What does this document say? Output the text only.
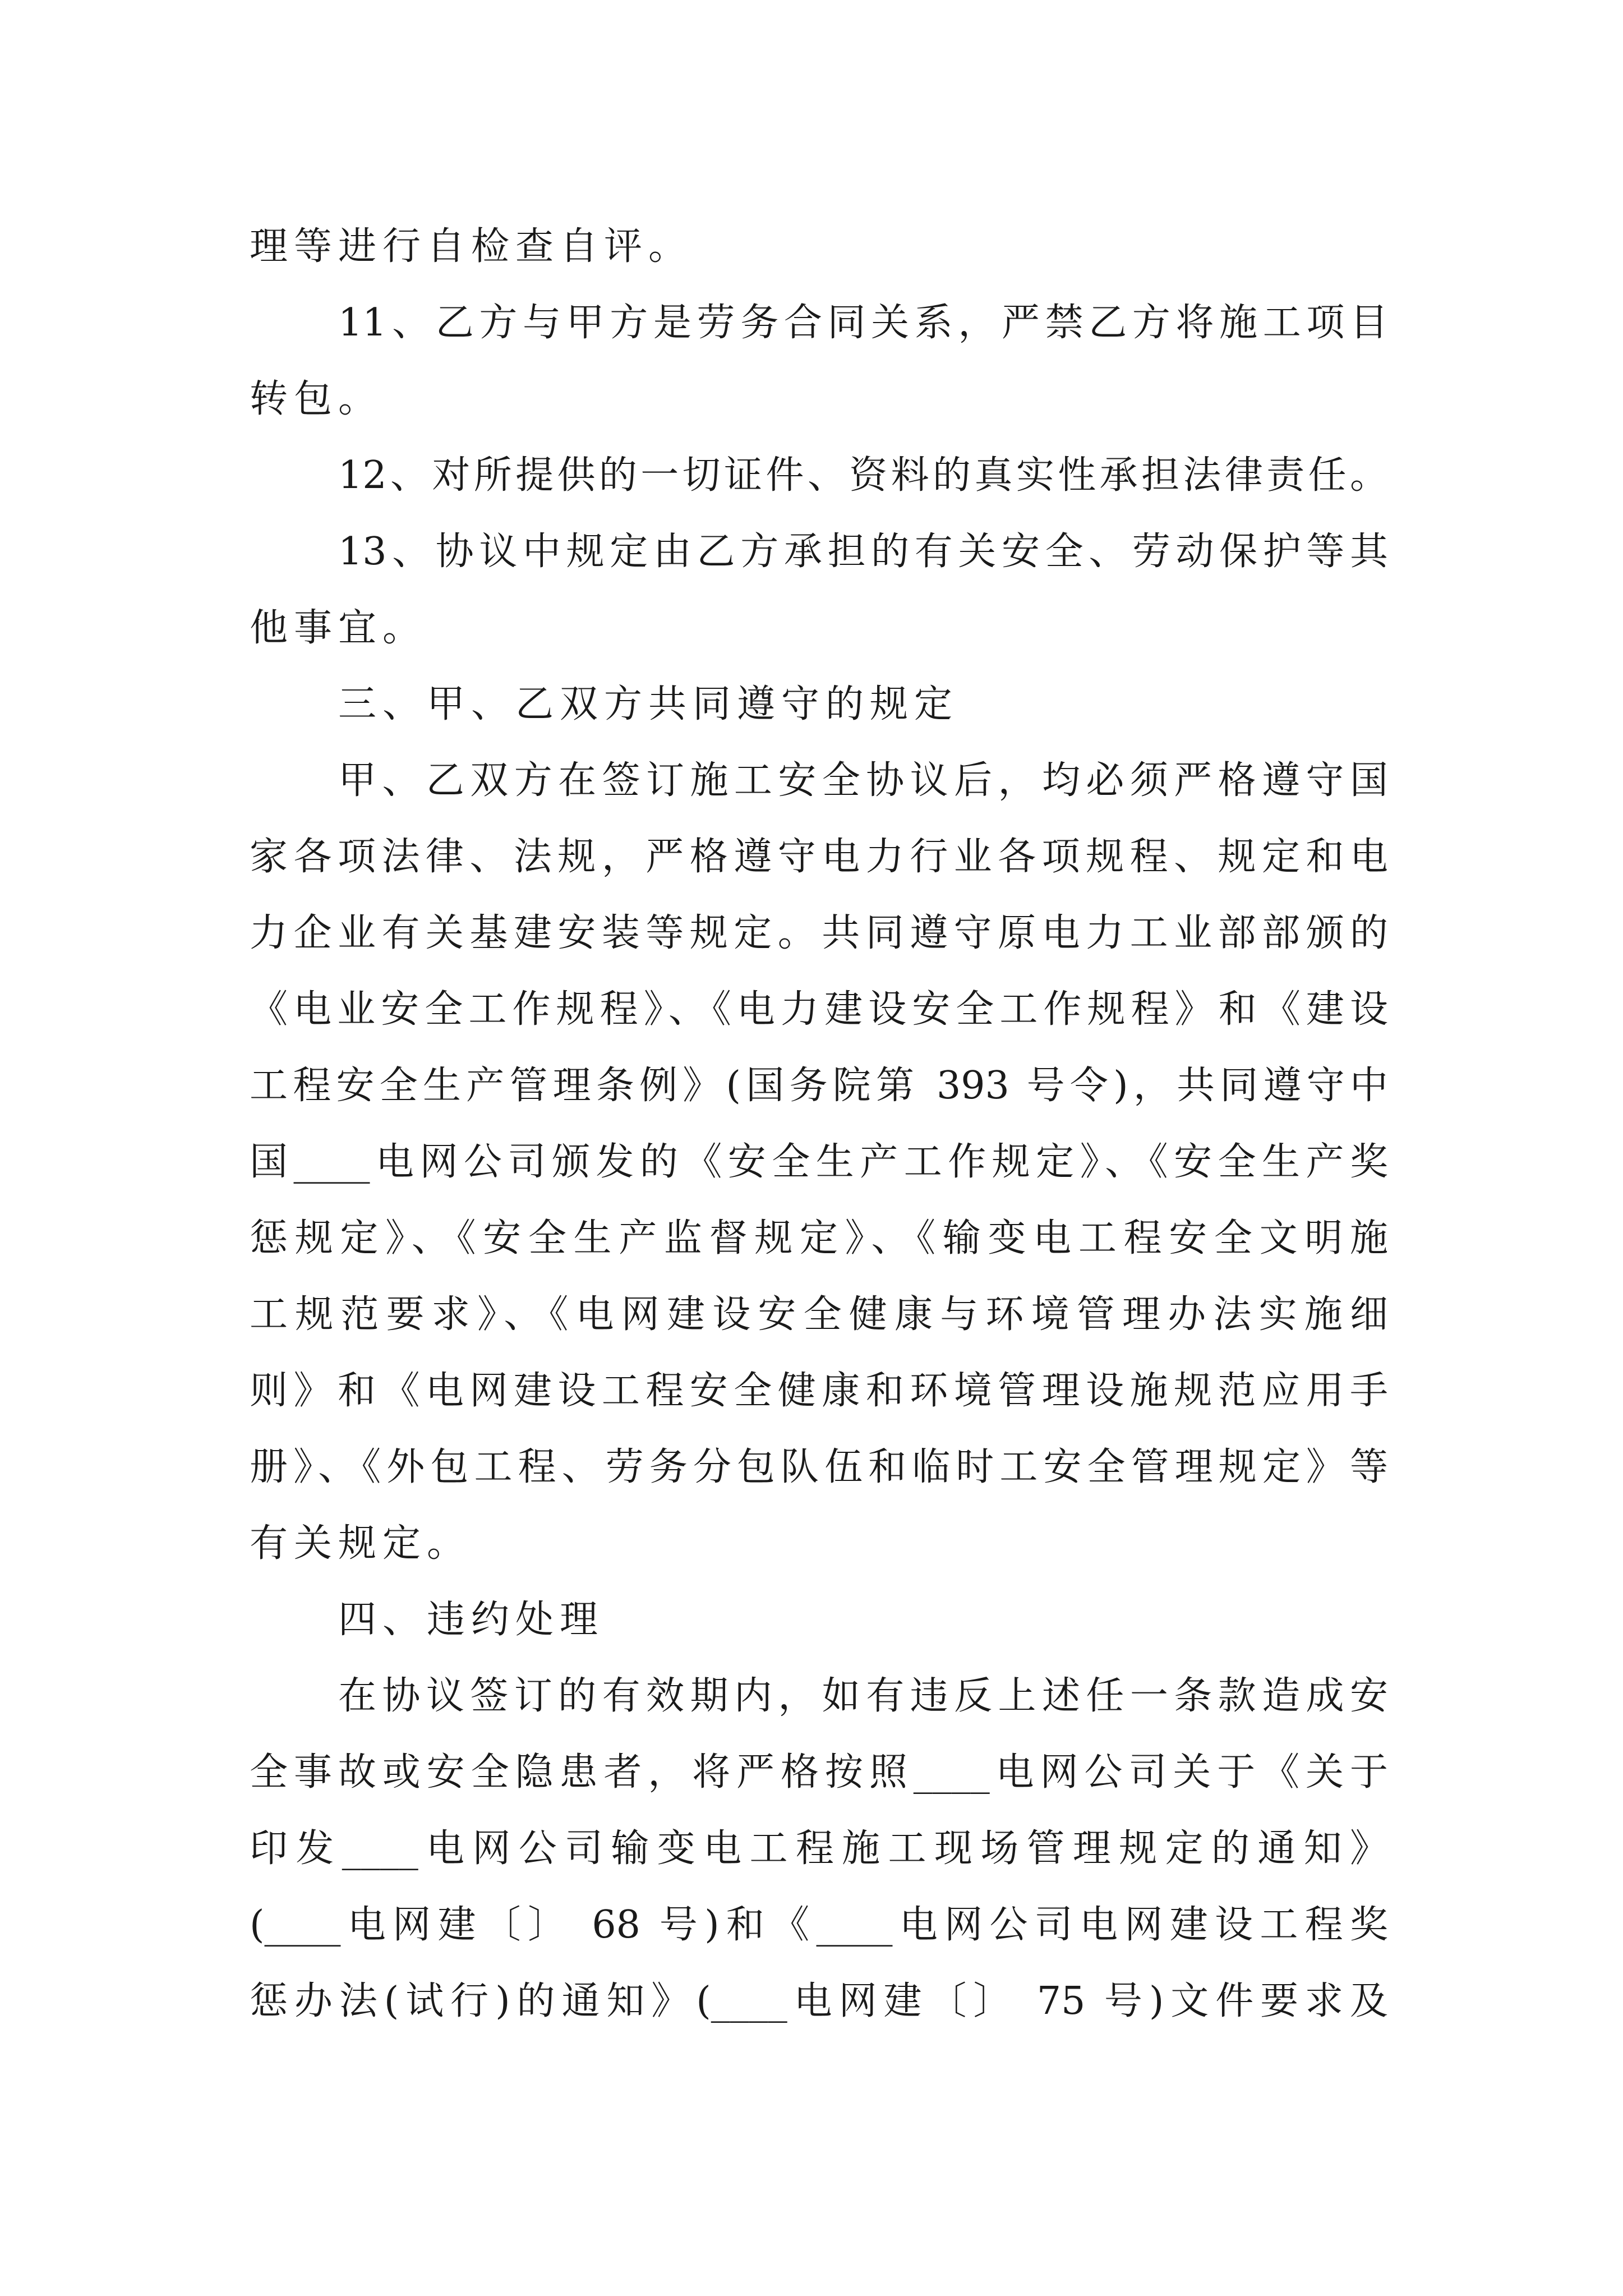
理等进行自检查自评。
11、乙方与甲方是劳务合同关系，严禁乙方将施工项目
转包。
12、对所提供的一切证件、资料的真实性承担法律责任。
13、协议中规定由乙方承担的有关安全、劳动保护等其
他事宜。
三、甲、乙双方共同遵守的规定
甲、乙双方在签订施工安全协议后，均必须严格遵守国
家各项法律、法规，严格遵守电力行业各项规程、规定和电
力企业有关基建安装等规定。共同遵守原电力工业部部颁的
《电业安全工作规程》、《电力建设安全工作规程》和《建设
工程安全生产管理条例》(国务院第 393 号令)，共同遵守中
国____电网公司颁发的《安全生产工作规定》、《安全生产奖
惩规定》、《安全生产监督规定》、《输变电工程安全文明施
工规范要求》、《电网建设安全健康与环境管理办法实施细
则》和《电网建设工程安全健康和环境管理设施规范应用手
册》、《外包工程、劳务分包队伍和临时工安全管理规定》等
有关规定。
四、违约处理
在协议签订的有效期内，如有违反上述任一条款造成安
全事故或安全隐患者，将严格按照____电网公司关于《关于
印发____电网公司输变电工程施工现场管理规定的通知》
(____电网建〔〕 68 号)和《____电网公司电网建设工程奖
惩办法(试行)的通知》(____电网建〔〕 75 号)文件要求及
